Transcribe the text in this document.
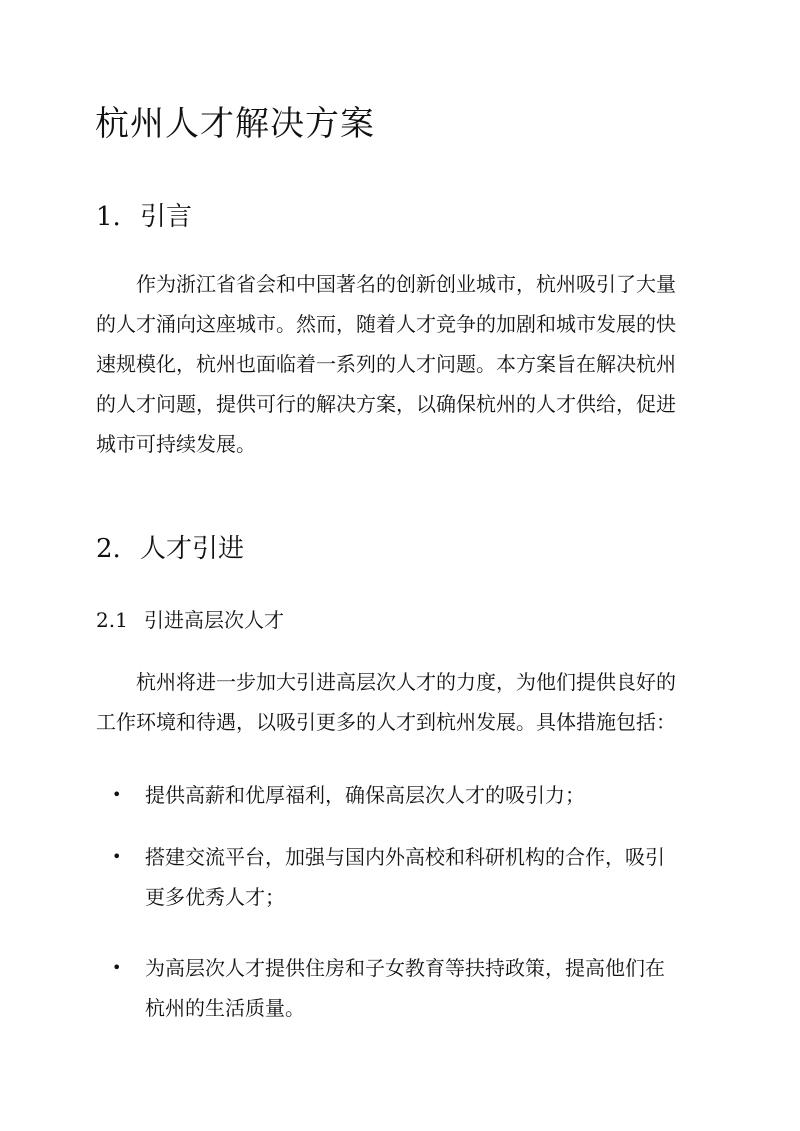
杭州人才解决方案
1. 引言
作为浙江省省会和中国著名的创新创业城市，杭州吸引了大量
的人才涌向这座城市。然而，随着人才竞争的加剧和城市发展的快
速规模化，杭州也面临着一系列的人才问题。本方案旨在解决杭州
的人才问题，提供可行的解决方案，以确保杭州的人才供给，促进
城市可持续发展。
2. 人才引进
2.1 引进高层次人才
杭州将进一步加大引进高层次人才的力度，为他们提供良好的
工作环境和待遇，以吸引更多的人才到杭州发展。具体措施包括：
•	提供高薪和优厚福利，确保高层次人才的吸引力；
•	搭建交流平台，加强与国内外高校和科研机构的合作，吸引
更多优秀人才；
•	为高层次人才提供住房和子女教育等扶持政策，提高他们在
杭州的生活质量。
